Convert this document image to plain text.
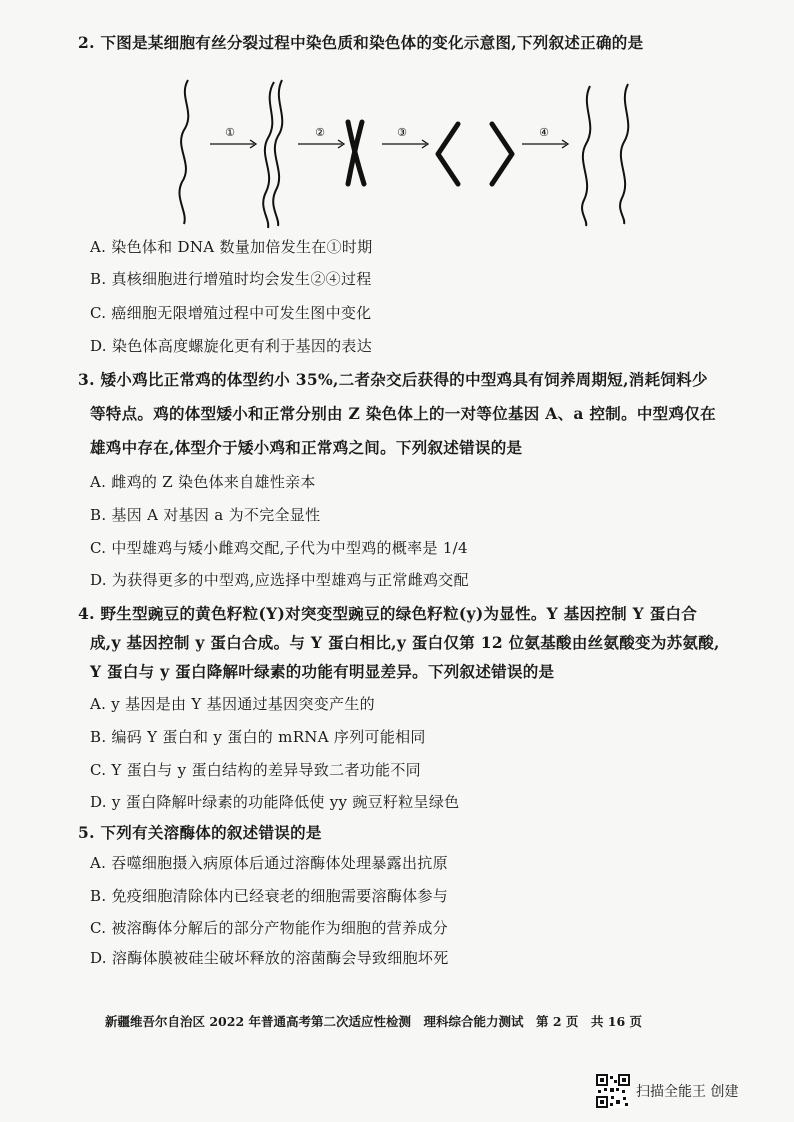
2. 下图是某细胞有丝分裂过程中染色质和染色体的变化示意图,下列叙述正确的是
①	②	③	④
A. 染色体和 DNA 数量加倍发生在①时期
B. 真核细胞进行增殖时均会发生②④过程
C. 癌细胞无限增殖过程中可发生图中变化
D. 染色体高度螺旋化更有利于基因的表达
3. 矮小鸡比正常鸡的体型约小 35%,二者杂交后获得的中型鸡具有饲养周期短,消耗饲料少
等特点。鸡的体型矮小和正常分别由 Z 染色体上的一对等位基因 A、a 控制。中型鸡仅在
雄鸡中存在,体型介于矮小鸡和正常鸡之间。下列叙述错误的是
A. 雌鸡的 Z 染色体来自雄性亲本
B. 基因 A 对基因 a 为不完全显性
C. 中型雄鸡与矮小雌鸡交配,子代为中型鸡的概率是 1/4
D. 为获得更多的中型鸡,应选择中型雄鸡与正常雌鸡交配
4. 野生型豌豆的黄色籽粒(Y)对突变型豌豆的绿色籽粒(y)为显性。Y 基因控制 Y 蛋白合
成,y 基因控制 y 蛋白合成。与 Y 蛋白相比,y 蛋白仅第 12 位氨基酸由丝氨酸变为苏氨酸,
Y 蛋白与 y 蛋白降解叶绿素的功能有明显差异。下列叙述错误的是
A. y 基因是由 Y 基因通过基因突变产生的
B. 编码 Y 蛋白和 y 蛋白的 mRNA 序列可能相同
C. Y 蛋白与 y 蛋白结构的差异导致二者功能不同
D. y 蛋白降解叶绿素的功能降低使 yy 豌豆籽粒呈绿色
5. 下列有关溶酶体的叙述错误的是
A. 吞噬细胞摄入病原体后通过溶酶体处理暴露出抗原
B. 免疫细胞清除体内已经衰老的细胞需要溶酶体参与
C. 被溶酶体分解后的部分产物能作为细胞的营养成分
D. 溶酶体膜被硅尘破坏释放的溶菌酶会导致细胞坏死
新疆维吾尔自治区 2022 年普通高考第二次适应性检测　理科综合能力测试　第 2 页　共 16 页
扫描全能王 创建
